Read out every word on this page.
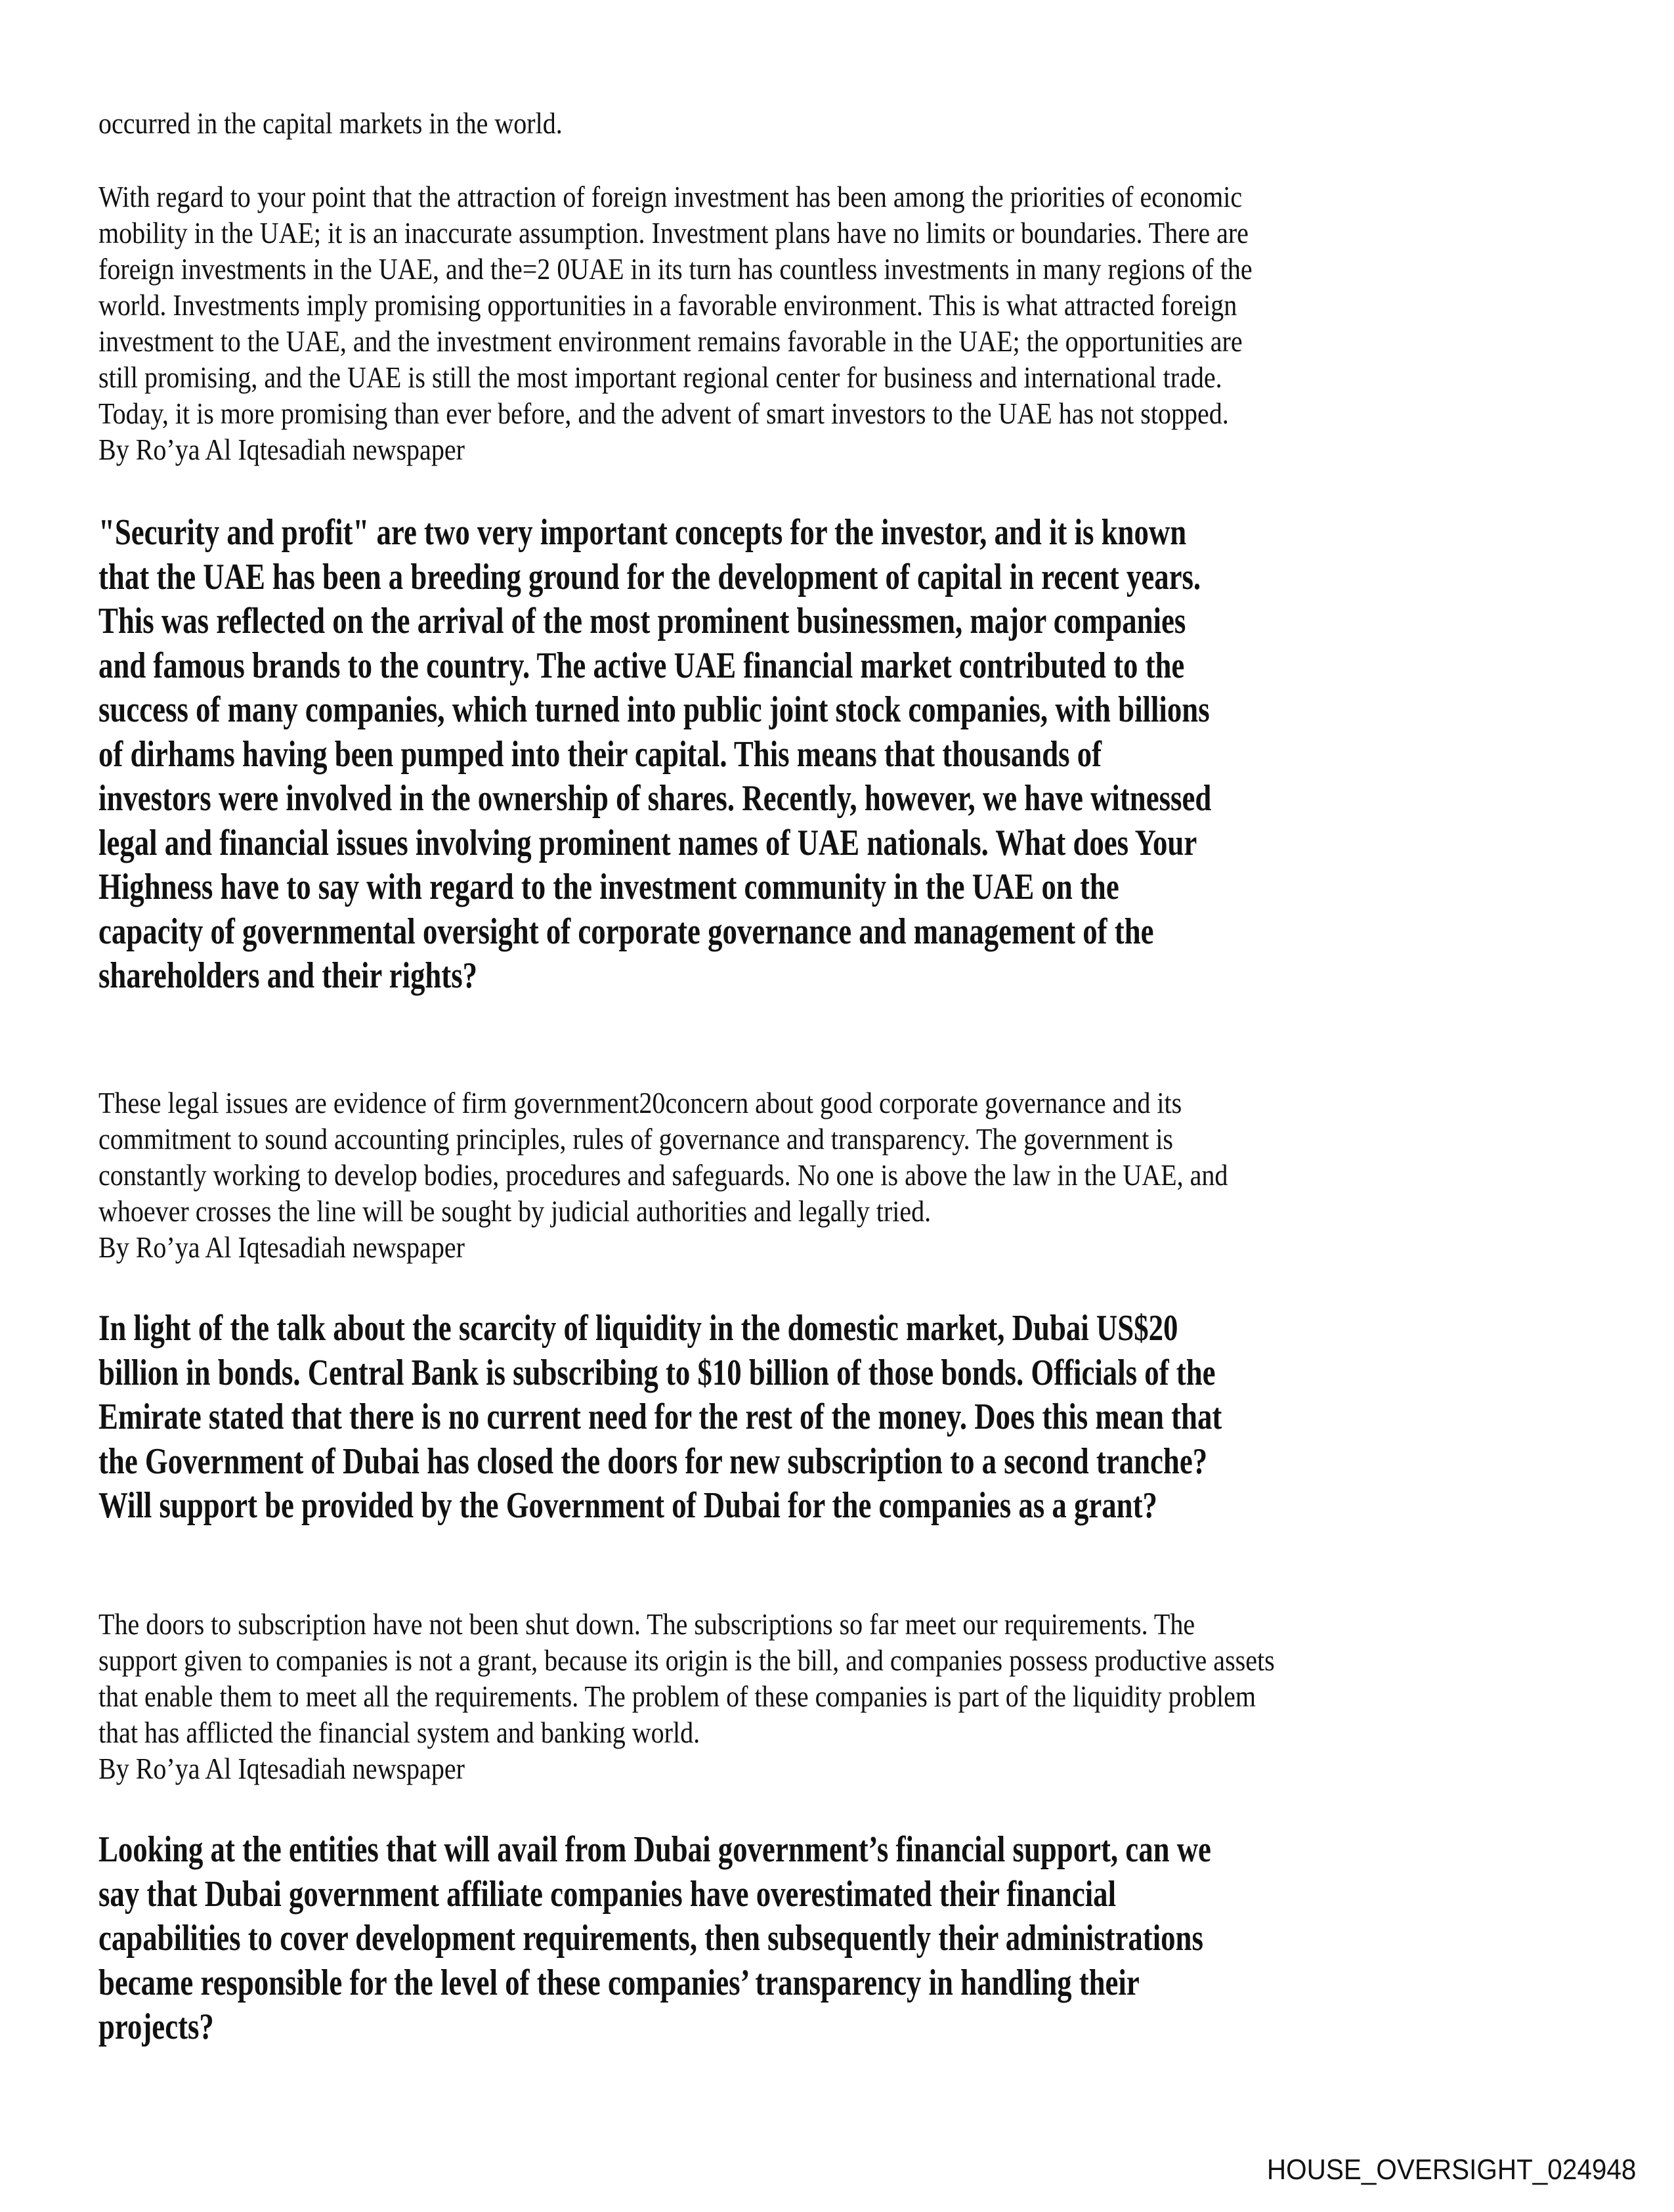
occurred in the capital markets in the world.
With regard to your point that the attraction of foreign investment has been among the priorities of economic
mobility in the UAE; it is an inaccurate assumption. Investment plans have no limits or boundaries. There are
foreign investments in the UAE, and the=2 0UAE in its turn has countless investments in many regions of the
world. Investments imply promising opportunities in a favorable environment. This is what attracted foreign
investment to the UAE, and the investment environment remains favorable in the UAE; the opportunities are
still promising, and the UAE is still the most important regional center for business and international trade.
Today, it is more promising than ever before, and the advent of smart investors to the UAE has not stopped.
By Ro’ya Al Iqtesadiah newspaper
"Security and profit" are two very important concepts for the investor, and it is known
that the UAE has been a breeding ground for the development of capital in recent years.
This was reflected on the arrival of the most prominent businessmen, major companies
and famous brands to the country. The active UAE financial market contributed to the
success of many companies, which turned into public joint stock companies, with billions
of dirhams having been pumped into their capital. This means that thousands of
investors were involved in the ownership of shares. Recently, however, we have witnessed
legal and financial issues involving prominent names of UAE nationals. What does Your
Highness have to say with regard to the investment community in the UAE on the
capacity of governmental oversight of corporate governance and management of the
shareholders and their rights?
These legal issues are evidence of firm government20concern about good corporate governance and its
commitment to sound accounting principles, rules of governance and transparency. The government is
constantly working to develop bodies, procedures and safeguards. No one is above the law in the UAE, and
whoever crosses the line will be sought by judicial authorities and legally tried.
By Ro’ya Al Iqtesadiah newspaper
In light of the talk about the scarcity of liquidity in the domestic market, Dubai US$20
billion in bonds. Central Bank is subscribing to $10 billion of those bonds. Officials of the
Emirate stated that there is no current need for the rest of the money. Does this mean that
the Government of Dubai has closed the doors for new subscription to a second tranche?
Will support be provided by the Government of Dubai for the companies as a grant?
The doors to subscription have not been shut down. The subscriptions so far meet our requirements. The
support given to companies is not a grant, because its origin is the bill, and companies possess productive assets
that enable them to meet all the requirements. The problem of these companies is part of the liquidity problem
that has afflicted the financial system and banking world.
By Ro’ya Al Iqtesadiah newspaper
Looking at the entities that will avail from Dubai government’s financial support, can we
say that Dubai government affiliate companies have overestimated their financial
capabilities to cover development requirements, then subsequently their administrations
became responsible for the level of these companies’ transparency in handling their
projects?
HOUSE_OVERSIGHT_024948
